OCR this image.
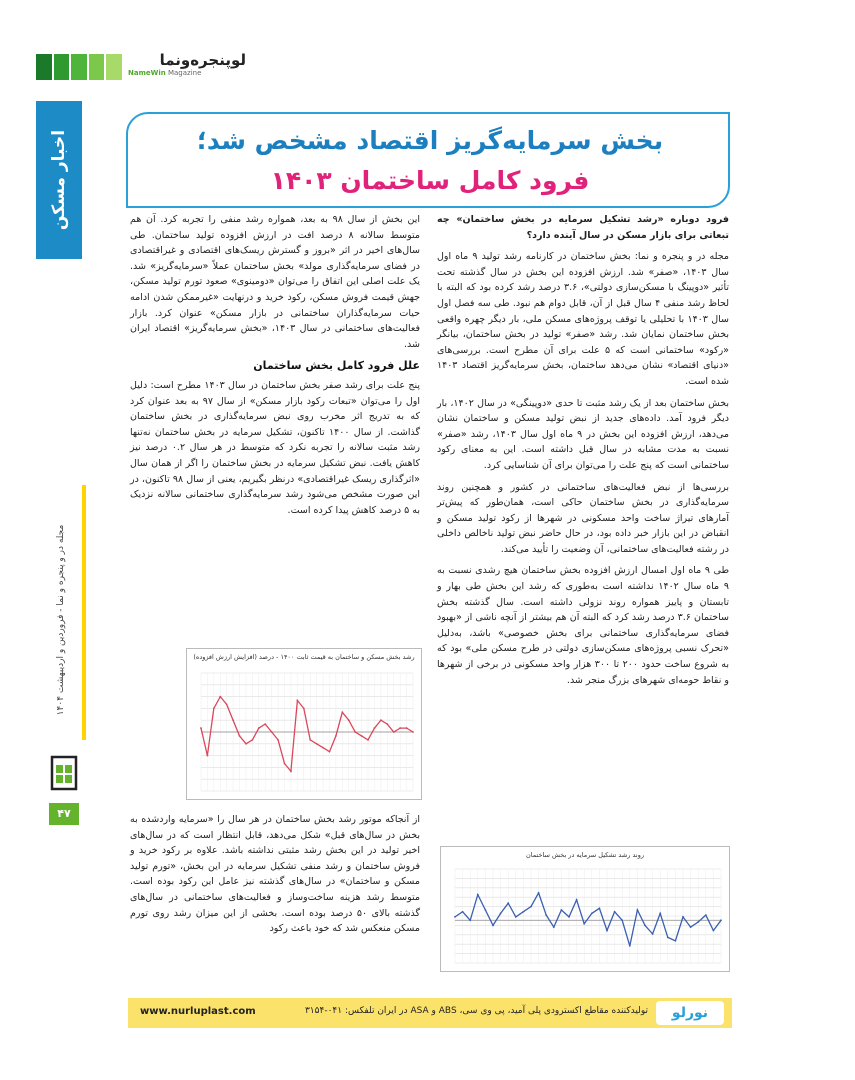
لوپنجره‌ونما
NameWin Magazine
اخبار مسکن
مجله در و پنجره و نما - فروردین و اردیبهشت ۱۴۰۴
۴۷
بخش سرمایه‌گریز اقتصاد مشخص شد؛
فرود کامل ساختمان ۱۴۰۳

فرود دوباره «رشد تشکیل سرمایه در بخش ساختمان» چه تبعاتی برای بازار مسکن در سال آینده دارد؟

مجله در و پنجره و نما: بخش ساختمان در کارنامه رشد تولید ۹ ماه اول سال ۱۴۰۳، «صفر» شد. ارزش افزوده این بخش در سال گذشته تحت تأثیر «دوپینگ با مسکن‌سازی دولتی»، ۳.۶ درصد رشد کرده بود که البته با لحاظ رشد منفی ۴ سال قبل از آن، قابل دوام هم نبود. طی سه فصل اول سال ۱۴۰۳ با تحلیلی یا توقف پروژه‌های مسکن ملی، بار دیگر چهره واقعی بخش ساختمان نمایان شد. رشد «صفر» تولید در بخش ساختمان، بیانگر «رکود» ساختمانی است که ۵ علت برای آن مطرح است. بررسی‌های «دنیای اقتصاد» نشان می‌دهد ساختمان، بخش سرمایه‌گریز اقتصاد ۱۴۰۳ شده است.

بخش ساختمان بعد از یک رشد مثبت تا حدی «دوپینگی» در سال ۱۴۰۲، بار دیگر فرود آمد. داده‌های جدید از نبض تولید مسکن و ساختمان نشان می‌دهد، ارزش افزوده این بخش در ۹ ماه اول سال ۱۴۰۳، رشد «صفر» نسبت به مدت مشابه در سال قبل داشته است. این به معنای رکود ساختمانی است که پنج علت را می‌توان برای آن شناسایی کرد.

بررسی‌ها از نبض فعالیت‌های ساختمانی در کشور و همچنین روند سرمایه‌گذاری در بخش ساختمان حاکی است، همان‌طور که پیش‌تر آمارهای تیراژ ساخت واحد مسکونی در شهرها از رکود تولید مسکن و انقباض در این بازار خبر داده بود، در حال حاضر نبض تولید ناخالص داخلی در رشته فعالیت‌های ساختمانی، آن وضعیت را تأیید می‌کند.

طی ۹ ماه اول امسال ارزش افزوده بخش ساختمان هیچ رشدی نسبت به ۹ ماه سال ۱۴۰۲ نداشته است به‌طوری که رشد این بخش طی بهار و تابستان و پاییز همواره روند نزولی داشته است. سال گذشته بخش ساختمان ۳.۶ درصد رشد کرد که البته آن هم بیشتر از آنچه ناشی از «بهبود فضای سرمایه‌گذاری ساختمانی برای بخش خصوصی» باشد، به‌دلیل «تحرک نسبی پروژه‌های مسکن‌سازی دولتی در طرح مسکن ملی» بود که به شروع ساخت حدود ۲۰۰ تا ۳۰۰ هزار واحد مسکونی در برخی از شهرها و نقاط حومه‌ای شهرهای بزرگ منجر شد.

این بخش از سال ۹۸ به بعد، همواره رشد منفی را تجربه کرد. آن هم متوسط سالانه ۸ درصد افت در ارزش افزوده تولید ساختمان. طی سال‌های اخیر در اثر «بروز و گسترش ریسک‌های اقتصادی و غیراقتصادی در فضای سرمایه‌گذاری مولد» بخش ساختمان عملاً «سرمایه‌گریز» شد. یک علت اصلی این اتفاق را می‌توان «دومینوی» صعود تورم تولید مسکن، جهش قیمت فروش مسکن، رکود خرید و درنهایت «غیرممکن شدن ادامه حیات سرمایه‌گذاران ساختمانی در بازار مسکن» عنوان کرد. بازار فعالیت‌های ساختمانی در سال ۱۴۰۳، «بخش سرمایه‌گریز» اقتصاد ایران شد.

علل فرود کامل بخش ساختمان

پنج علت برای رشد صفر بخش ساختمان در سال ۱۴۰۳ مطرح است: دلیل اول را می‌توان «تبعات رکود بازار مسکن» از سال ۹۷ به بعد عنوان کرد که به تدریج اثر مخرب روی نبض سرمایه‌گذاری در بخش ساختمان گذاشت. از سال ۱۴۰۰ تاکنون، تشکیل سرمایه در بخش ساختمان نه‌تنها رشد مثبت سالانه را تجربه نکرد که متوسط در هر سال ۰.۲ درصد نیز کاهش یافت. نبض تشکیل سرمایه در بخش ساختمان را اگر از همان سال «اثرگذاری ریسک غیراقتصادی» درنظر بگیریم، یعنی از سال ۹۸ تاکنون، در این صورت مشخص می‌شود رشد سرمایه‌گذاری ساختمانی سالانه نزدیک به ۵ درصد کاهش پیدا کرده است.

رشد بخش مسکن و ساختمان به قیمت ثابت ۱۴۰۰ - درصد (افزایش ارزش افزوده)

از آنجاکه موتور رشد بخش ساختمان در هر سال را «سرمایه واردشده به بخش در سال‌های قبل» شکل می‌دهد، قابل انتظار است که در سال‌های اخیر تولید در این بخش رشد مثبتی نداشته باشد. علاوه بر رکود خرید و فروش ساختمان و رشد منفی تشکیل سرمایه در این بخش، «تورم تولید مسکن و ساختمان» در سال‌های گذشته نیز عامل این رکود بوده است. متوسط رشد هزینه ساخت‌وساز و فعالیت‌های ساختمانی در سال‌های گذشته بالای ۵۰ درصد بوده است. بخشی از این میزان رشد روی تورم مسکن منعکس شد که خود باعث رکود

روند رشد تشکیل سرمایه در بخش ساختمان
www.nurluplast.com	تولیدکننده مقاطع اکسترودی پلی آمید، پی وی سی، ABS و ASA در ایران تلفکس: ۰۴۱-۳۱۵۴	نورلو
